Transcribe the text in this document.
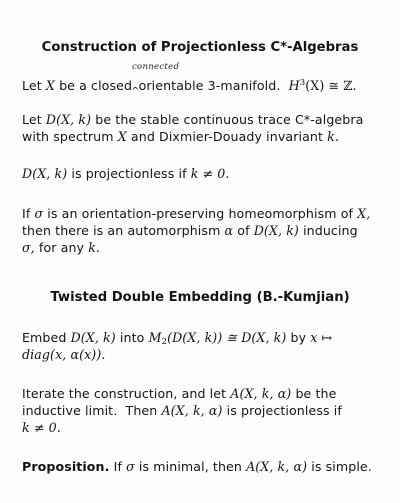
Construction of Projectionless C*-Algebras
connected
Let X be a closed^orientable 3-manifold. $H^3(X)$ ≅ ℤ.
Let D(X, k) be the stable continuous trace C*-algebra
with spectrum X and Dixmier-Douady invariant k.
D(X, k) is projectionless if k ≠ 0.
If σ is an orientation-preserving homeomorphism of X,
then there is an automorphism α of D(X, k) inducing
σ, for any k.
Twisted Double Embedding (B.-Kumjian)
Embed D(X, k) into $M_2(D(X$, k)) ≅ D(X, k) by x ↦
diag(x, α(x)).
Iterate the construction, and let A(X, k, α) be the
inductive limit. Then A(X, k, α) is projectionless if
k ≠ 0.
Proposition. If σ is minimal, then A(X, k, α) is simple.
